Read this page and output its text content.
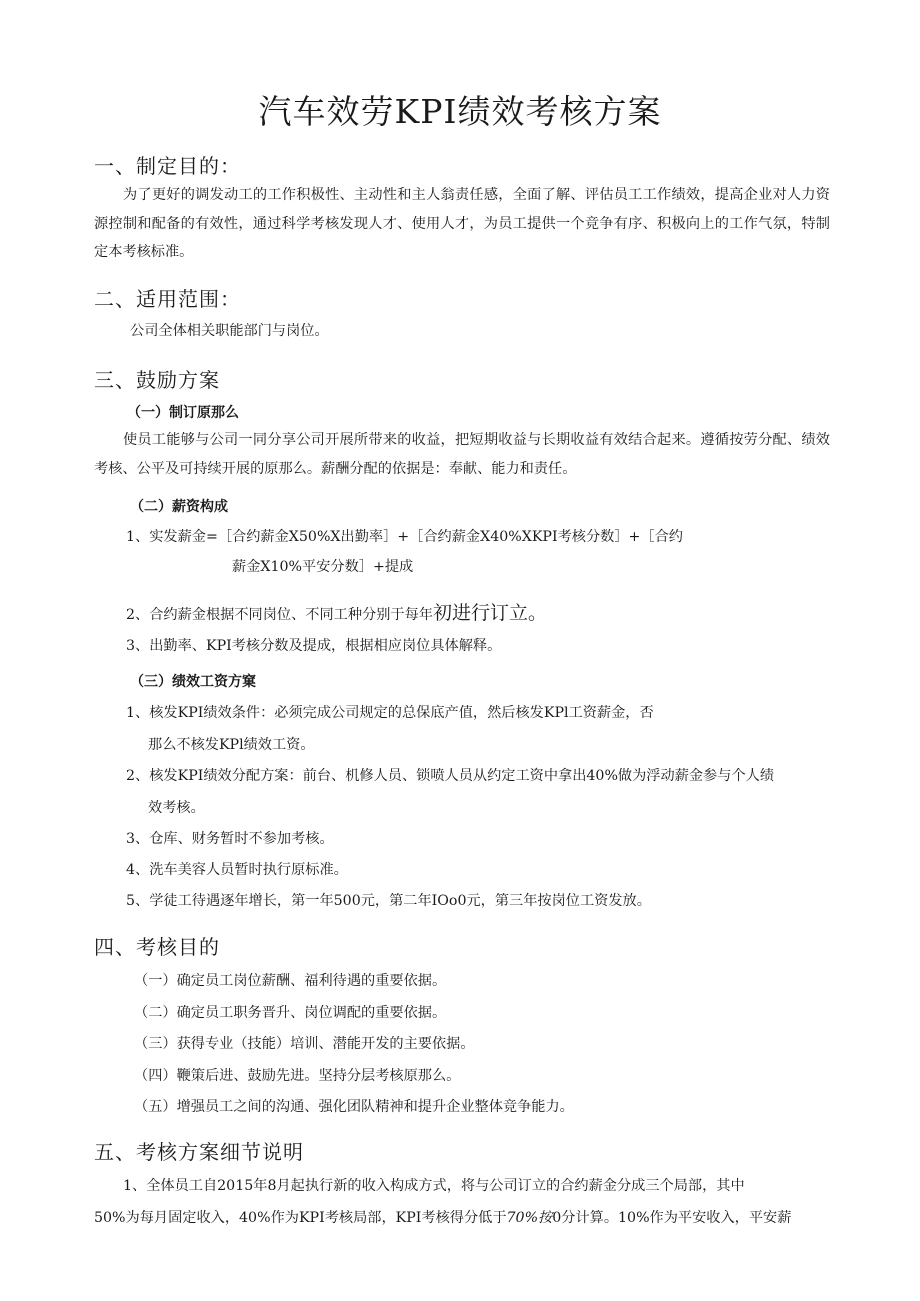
汽车效劳KPI绩效考核方案
一、制定目的：
为了更好的调发动工的工作积极性、主动性和主人翁责任感，全面了解、评估员工工作绩效，提高企业对人力资源控制和配备的有效性，通过科学考核发现人才、使用人才，为员工提供一个竞争有序、积极向上的工作气氛，特制定本考核标准。
二、适用范围：
公司全体相关职能部门与岗位。
三、鼓励方案
（一）制订原那么
使员工能够与公司一同分享公司开展所带来的收益，把短期收益与长期收益有效结合起来。遵循按劳分配、绩效考核、公平及可持续开展的原那么。薪酬分配的依据是：奉献、能力和责任。
（二）薪资构成
1、实发薪金=［合约薪金X50%X出勤率］+［合约薪金X40%XKPI考核分数］+［合约
薪金X10%平安分数］+提成
2、合约薪金根据不同岗位、不同工种分别于每年初进行订立。
3、出勤率、KPI考核分数及提成，根据相应岗位具体解释。
（三）绩效工资方窠
1、核发KPI绩效条件：必须完成公司规定的总保底产值，然后核发KPl工资薪金，否
那么不核发KPl绩效工资。
2、核发KPI绩效分配方案：前台、机修人员、锁喷人员从约定工资中拿出40%做为浮动薪金参与个人绩
效考核。
3、仓库、财务暂时不参加考核。
4、洗车美容人员暂时执行原标准。
5、学徒工待遇逐年增长，第一年500元，第二年IOo0元，第三年按岗位工资发放。
四、考核目的
（一）确定员工岗位薪酬、福利待遇的重要依据。
（二）确定员工职务晋升、岗位调配的重要依据。
（三）获得专业（技能）培训、潜能开发的主要依据。
（四）鞭策后进、鼓励先进。坚持分层考核原那么。
（五）增强员工之间的沟通、强化团队精神和提升企业整体竞争能力。
五、考核方案细节说明
1、全体员工自2015年8月起执行新的收入构成方式，将与公司订立的合约薪金分成三个局部，其中
50%为每月固定收入，40%作为KPI考核局部，KPI考核得分低于70%按0分计算。10%作为平安收入，平安薪
